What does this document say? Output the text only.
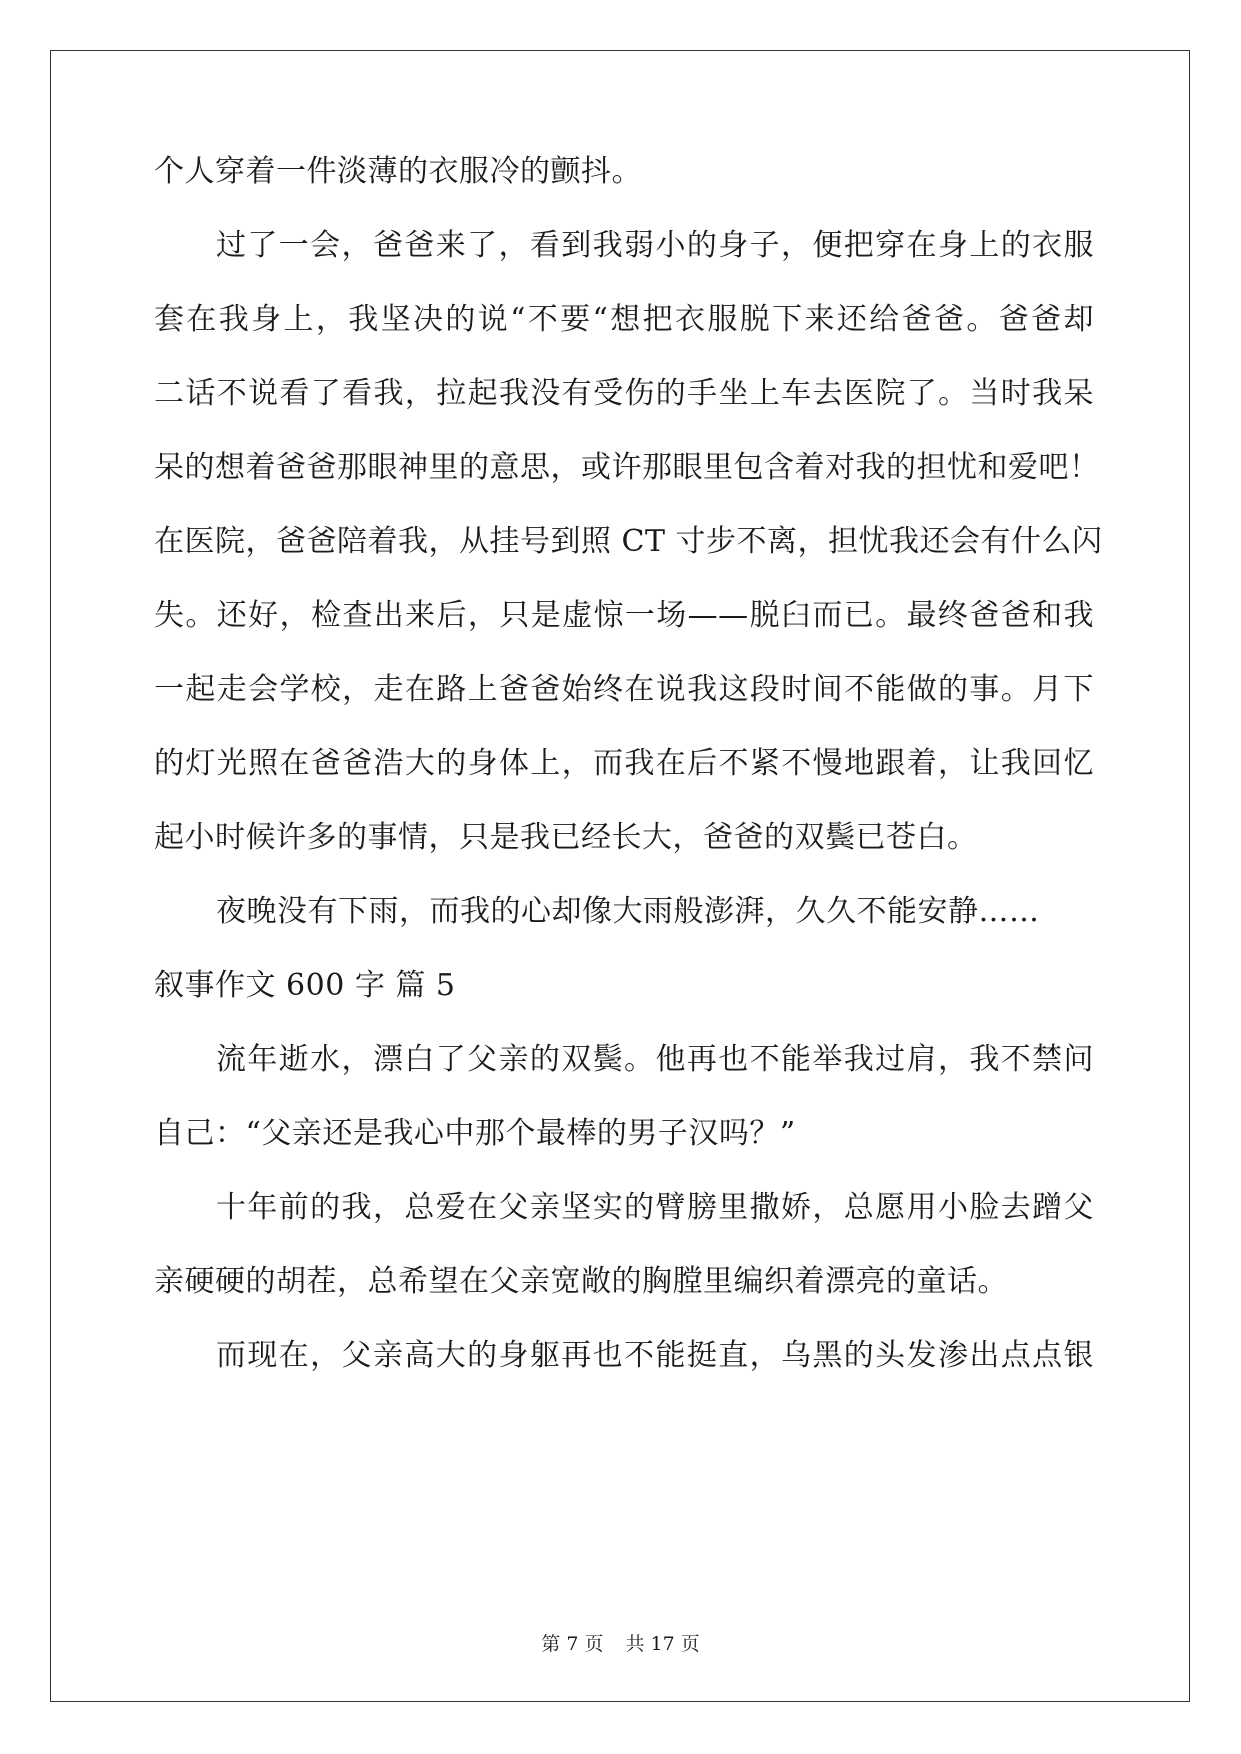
个人穿着一件淡薄的衣服冷的颤抖。
过了一会，爸爸来了，看到我弱小的身子，便把穿在身上的衣服
套在我身上，我坚决的说“不要“想把衣服脱下来还给爸爸。爸爸却
二话不说看了看我，拉起我没有受伤的手坐上车去医院了。当时我呆
呆的想着爸爸那眼神里的意思，或许那眼里包含着对我的担忧和爱吧！
在医院，爸爸陪着我，从挂号到照 CT 寸步不离，担忧我还会有什么闪
失。还好，检查出来后，只是虚惊一场——脱臼而已。最终爸爸和我
一起走会学校，走在路上爸爸始终在说我这段时间不能做的事。月下
的灯光照在爸爸浩大的身体上，而我在后不紧不慢地跟着，让我回忆
起小时候许多的事情，只是我已经长大，爸爸的双鬓已苍白。
夜晚没有下雨，而我的心却像大雨般澎湃，久久不能安静……
叙事作文 600 字 篇 5
流年逝水，漂白了父亲的双鬓。他再也不能举我过肩，我不禁问
自己：“父亲还是我心中那个最棒的男子汉吗？”
十年前的我，总爱在父亲坚实的臂膀里撒娇，总愿用小脸去蹭父
亲硬硬的胡茬，总希望在父亲宽敞的胸膛里编织着漂亮的童话。
而现在，父亲高大的身躯再也不能挺直，乌黑的头发渗出点点银
第 7 页 共 17 页
